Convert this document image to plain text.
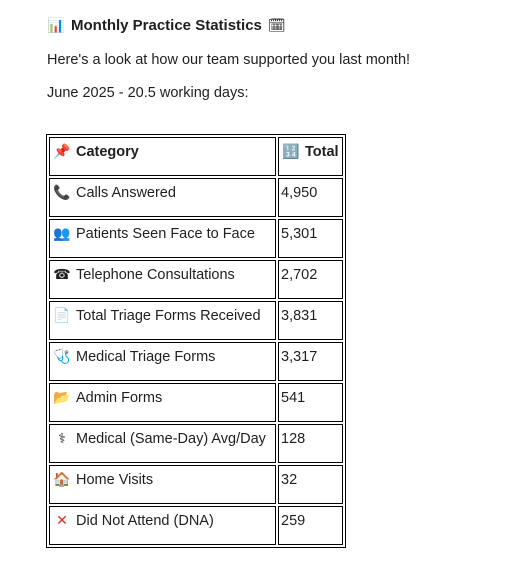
📊 Monthly Practice Statistics 🗓
Here's a look at how our team supported you last month!
June 2025 - 20.5 working days:
📌 Category	🔢 Total

📞 Calls Answered	4,950

👥 Patients Seen Face to Face	5,301

☎ Telephone Consultations	2,702

📄 Total Triage Forms Received	3,831

🩺 Medical Triage Forms	3,317

📂 Admin Forms	541

⚕ Medical (Same-Day) Avg/Day	128

🏠 Home Visits	32

✕ Did Not Attend (DNA)	259
